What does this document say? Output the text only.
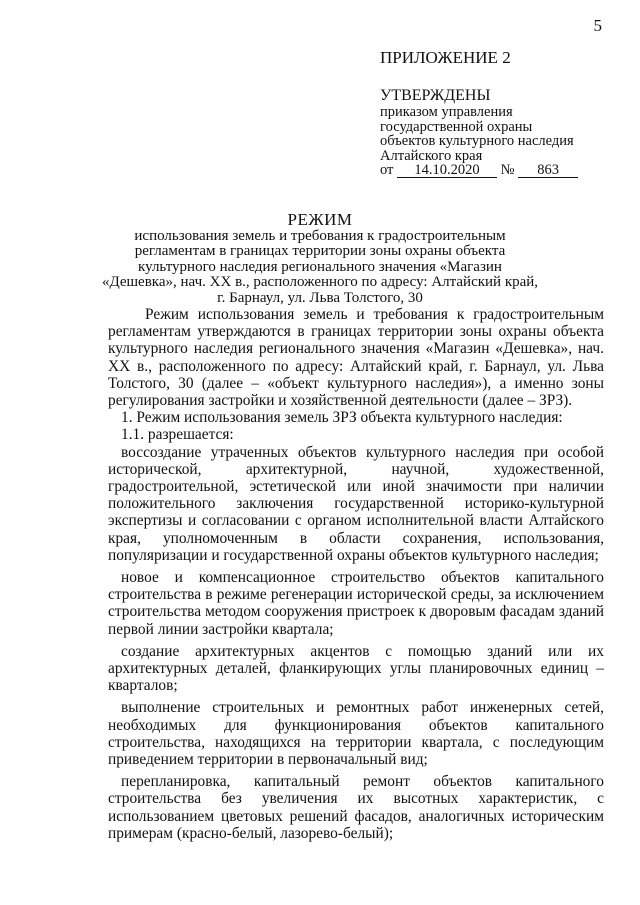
5
ПРИЛОЖЕНИЕ 2
УТВЕРЖДЕНЫ
приказом управления
государственной охраны
объектов культурного наследия
Алтайского края
от 14.10.2020 № 863
РЕЖИМ
использования земель и требования к градостроительным
регламентам в границах территории зоны охраны объекта
культурного наследия регионального значения «Магазин
«Дешевка», нач. XX в., расположенного по адресу: Алтайский край,
г. Барнаул, ул. Льва Толстого, 30

Режим использования земель и требования к градостроительным регламентам утверждаются в границах территории зоны охраны объекта культурного наследия регионального значения «Магазин «Дешевка», нач. XX в., расположенного по адресу: Алтайский край, г. Барнаул, ул. Льва Толстого, 30 (далее – «объект культурного наследия»), а именно зоны регулирования застройки и хозяйственной деятельности (далее – ЗРЗ).

1. Режим использования земель ЗРЗ объекта культурного наследия:

1.1. разрешается:

воссоздание утраченных объектов культурного наследия при особой исторической, архитектурной, научной, художественной, градостроительной, эстетической или иной значимости при наличии положительного заключения государственной историко-культурной экспертизы и согласовании с органом исполнительной власти Алтайского края, уполномоченным в области сохранения, использования, популяризации и государственной охраны объектов культурного наследия;

новое и компенсационное строительство объектов капитального строительства в режиме регенерации исторической среды, за исключением строительства методом сооружения пристроек к дворовым фасадам зданий первой линии застройки квартала;

создание архитектурных акцентов с помощью зданий или их архитектурных деталей, фланкирующих углы планировочных единиц – кварталов;

выполнение строительных и ремонтных работ инженерных сетей, необходимых для функционирования объектов капитального строительства, находящихся на территории квартала, с последующим приведением территории в первоначальный вид;

перепланировка, капитальный ремонт объектов капитального строительства без увеличения их высотных характеристик, с использованием цветовых решений фасадов, аналогичных историческим примерам (красно-белый, лазорево-белый);
